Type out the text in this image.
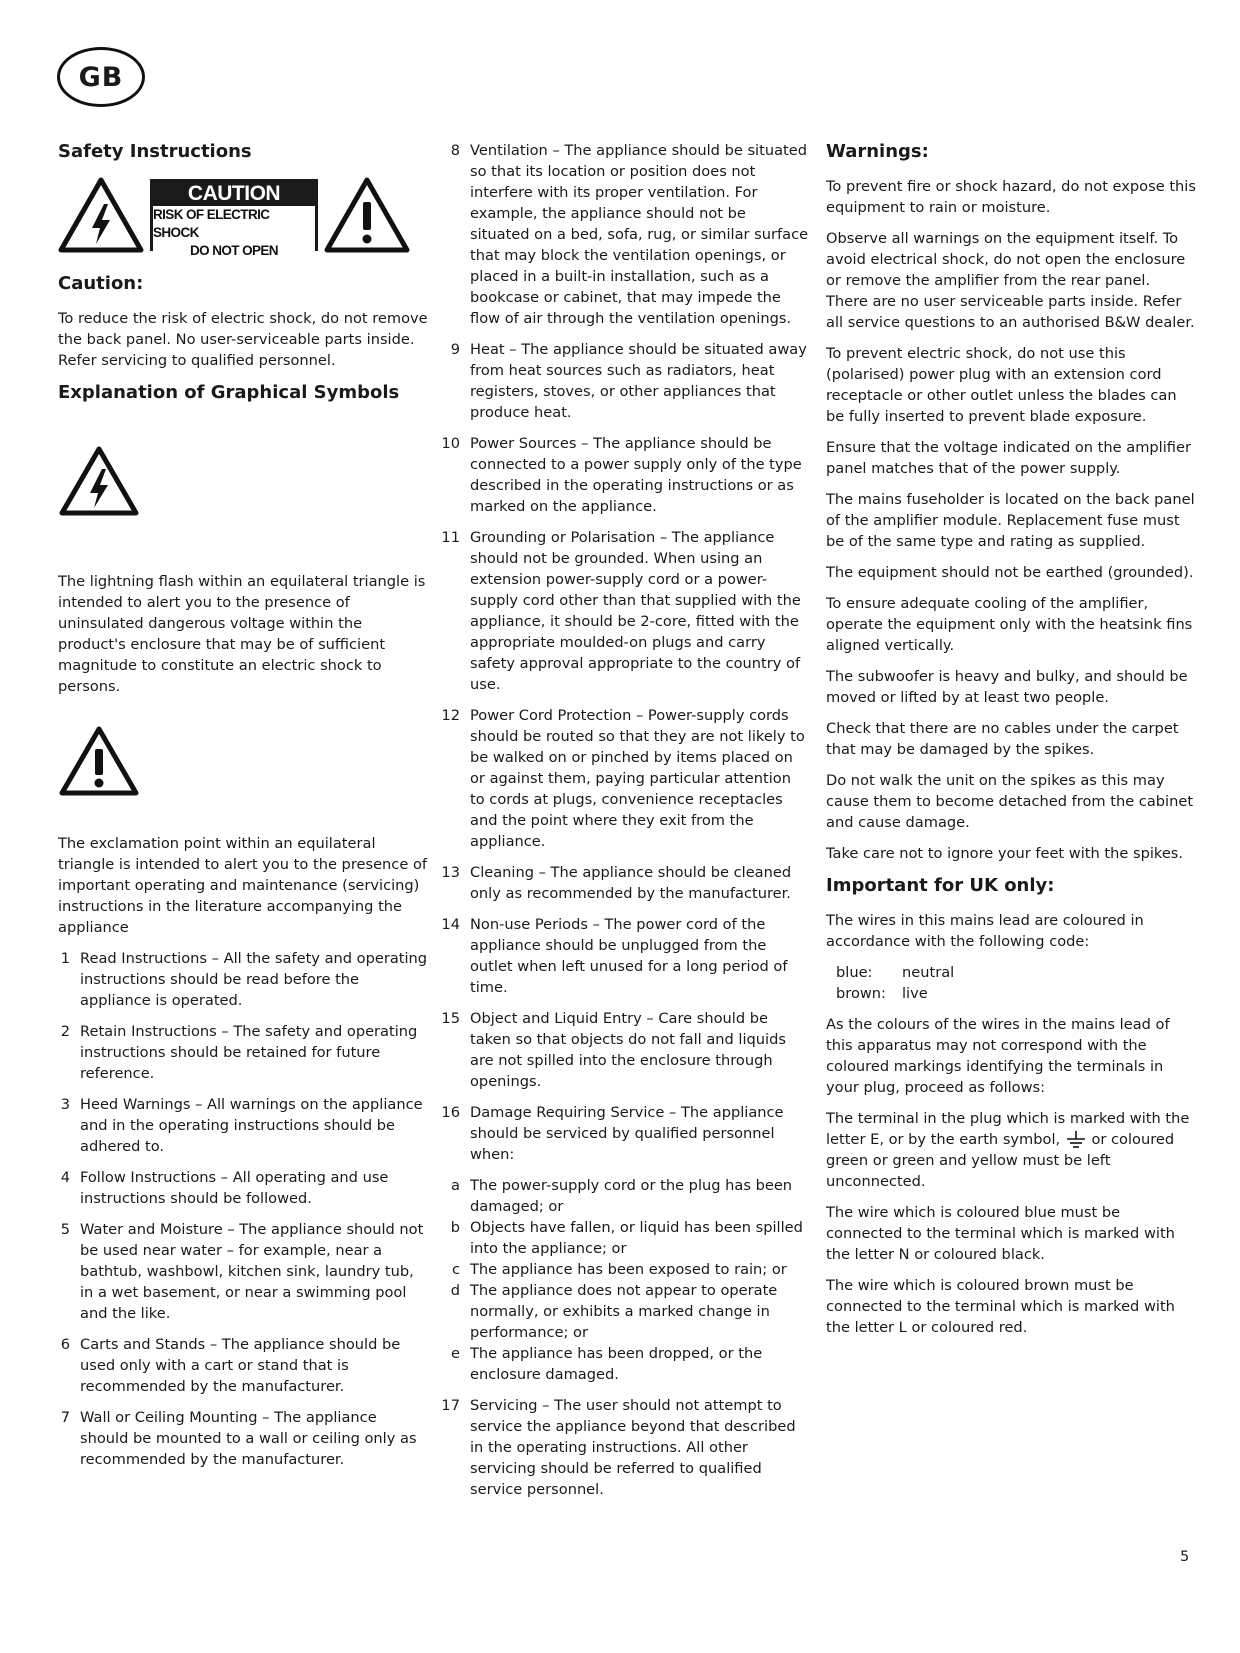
GB
Safety Instructions
CAUTION
RISK OF ELECTRIC SHOCK
DO NOT OPEN
Caution:

To reduce the risk of electric shock, do not remove the back panel. No user-serviceable parts inside. Refer servicing to qualified personnel.

Explanation of Graphical Symbols

The lightning flash within an equilateral triangle is intended to alert you to the presence of uninsulated dangerous voltage within the product's enclosure that may be of sufficient magnitude to constitute an electric shock to persons.

The exclamation point within an equilateral triangle is intended to alert you to the presence of important operating and maintenance (servicing) instructions in the literature accompanying the appliance

1 Read Instructions – All the safety and operating instructions should be read before the appliance is operated.
2 Retain Instructions – The safety and operating instructions should be retained for future reference.
3 Heed Warnings – All warnings on the appliance and in the operating instructions should be adhered to.
4 Follow Instructions – All operating and use instructions should be followed.
5 Water and Moisture – The appliance should not be used near water – for example, near a bathtub, washbowl, kitchen sink, laundry tub, in a wet basement, or near a swimming pool and the like.
6 Carts and Stands – The appliance should be used only with a cart or stand that is recommended by the manufacturer.
7 Wall or Ceiling Mounting – The appliance should be mounted to a wall or ceiling only as recommended by the manufacturer.
8 Ventilation – The appliance should be situated so that its location or position does not interfere with its proper ventilation. For example, the appliance should not be situated on a bed, sofa, rug, or similar surface that may block the ventilation openings, or placed in a built-in installation, such as a bookcase or cabinet, that may impede the flow of air through the ventilation openings.
9 Heat – The appliance should be situated away from heat sources such as radiators, heat registers, stoves, or other appliances that produce heat.
10 Power Sources – The appliance should be connected to a power supply only of the type described in the operating instructions or as marked on the appliance.
11 Grounding or Polarisation – The appliance should not be grounded. When using an extension power-supply cord or a power-supply cord other than that supplied with the appliance, it should be 2-core, fitted with the appropriate moulded-on plugs and carry safety approval appropriate to the country of use.
12 Power Cord Protection – Power-supply cords should be routed so that they are not likely to be walked on or pinched by items placed on or against them, paying particular attention to cords at plugs, convenience receptacles and the point where they exit from the appliance.
13 Cleaning – The appliance should be cleaned only as recommended by the manufacturer.
14 Non-use Periods – The power cord of the appliance should be unplugged from the outlet when left unused for a long period of time.
15 Object and Liquid Entry – Care should be taken so that objects do not fall and liquids are not spilled into the enclosure through openings.
16 Damage Requiring Service – The appliance should be serviced by qualified personnel when:
a The power-supply cord or the plug has been damaged; or
b Objects have fallen, or liquid has been spilled into the appliance; or
c The appliance has been exposed to rain; or
d The appliance does not appear to operate normally, or exhibits a marked change in performance; or
e The appliance has been dropped, or the enclosure damaged.
17 Servicing – The user should not attempt to service the appliance beyond that described in the operating instructions. All other servicing should be referred to qualified service personnel.
Warnings:

To prevent fire or shock hazard, do not expose this equipment to rain or moisture.

Observe all warnings on the equipment itself. To avoid electrical shock, do not open the enclosure or remove the amplifier from the rear panel. There are no user serviceable parts inside. Refer all service questions to an authorised B&W dealer.

To prevent electric shock, do not use this (polarised) power plug with an extension cord receptacle or other outlet unless the blades can be fully inserted to prevent blade exposure.

Ensure that the voltage indicated on the amplifier panel matches that of the power supply.

The mains fuseholder is located on the back panel of the amplifier module. Replacement fuse must be of the same type and rating as supplied.

The equipment should not be earthed (grounded).

To ensure adequate cooling of the amplifier, operate the equipment only with the heatsink fins aligned vertically.

The subwoofer is heavy and bulky, and should be moved or lifted by at least two people.

Check that there are no cables under the carpet that may be damaged by the spikes.

Do not walk the unit on the spikes as this may cause them to become detached from the cabinet and cause damage.

Take care not to ignore your feet with the spikes.

Important for UK only:

The wires in this mains lead are coloured in accordance with the following code:

blue:	neutral
brown:	live

As the colours of the wires in the mains lead of this apparatus may not correspond with the coloured markings identifying the terminals in your plug, proceed as follows:

The terminal in the plug which is marked with the letter E, or by the earth symbol, or coloured green or green and yellow must be left unconnected.

The wire which is coloured blue must be connected to the terminal which is marked with the letter N or coloured black.

The wire which is coloured brown must be connected to the terminal which is marked with the letter L or coloured red.

5
